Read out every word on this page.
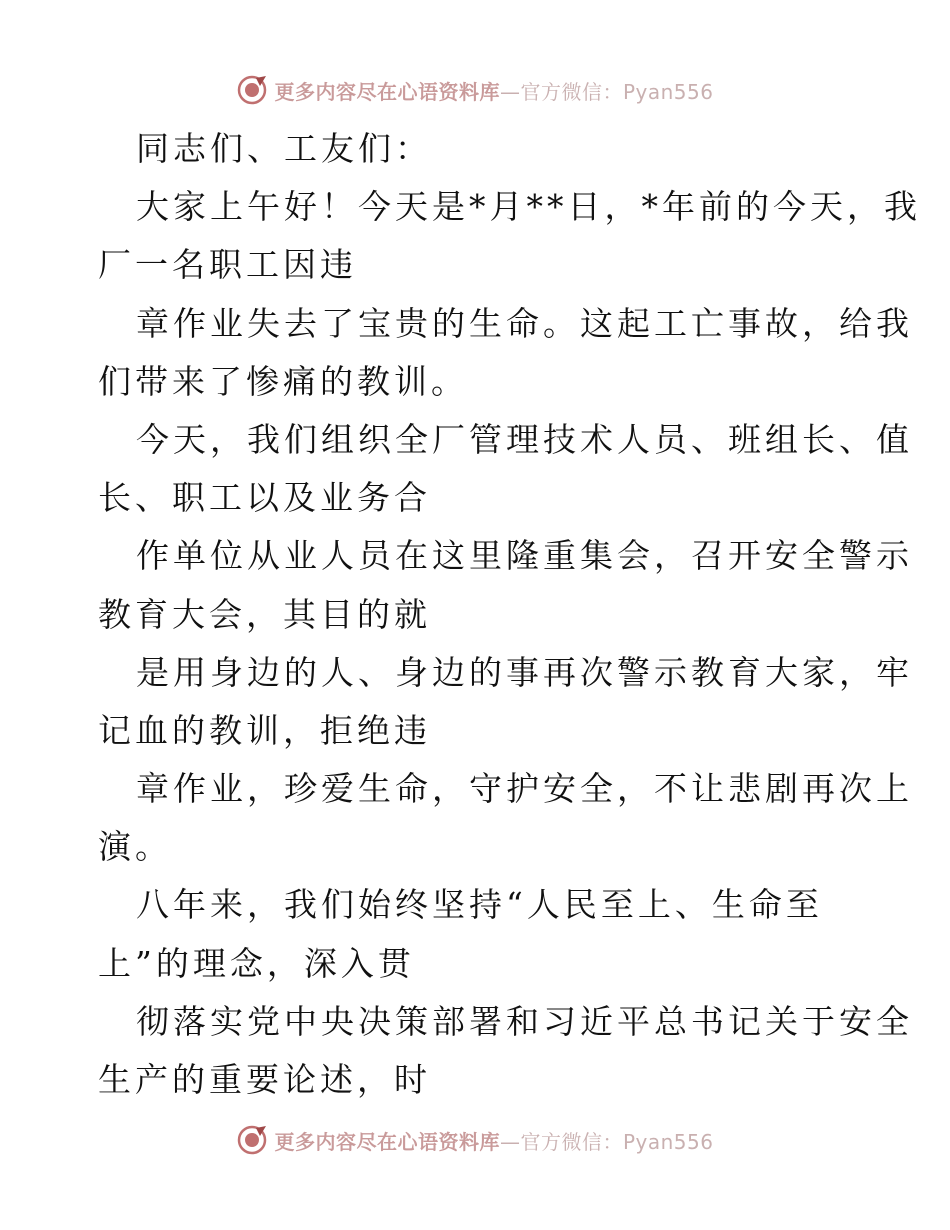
更多内容尽在心语资料库—官方微信：Pyan556
同志们、工友们：
大家上午好！今天是*月**日，*年前的今天，我
厂一名职工因违
章作业失去了宝贵的生命。这起工亡事故，给我
们带来了惨痛的教训。
今天，我们组织全厂管理技术人员、班组长、值
长、职工以及业务合
作单位从业人员在这里隆重集会，召开安全警示
教育大会，其目的就
是用身边的人、身边的事再次警示教育大家，牢
记血的教训，拒绝违
章作业，珍爱生命，守护安全，不让悲剧再次上
演。
八年来，我们始终坚持“人民至上、生命至
上”的理念，深入贯
彻落实党中央决策部署和习近平总书记关于安全
生产的重要论述，时
更多内容尽在心语资料库—官方微信：Pyan556
